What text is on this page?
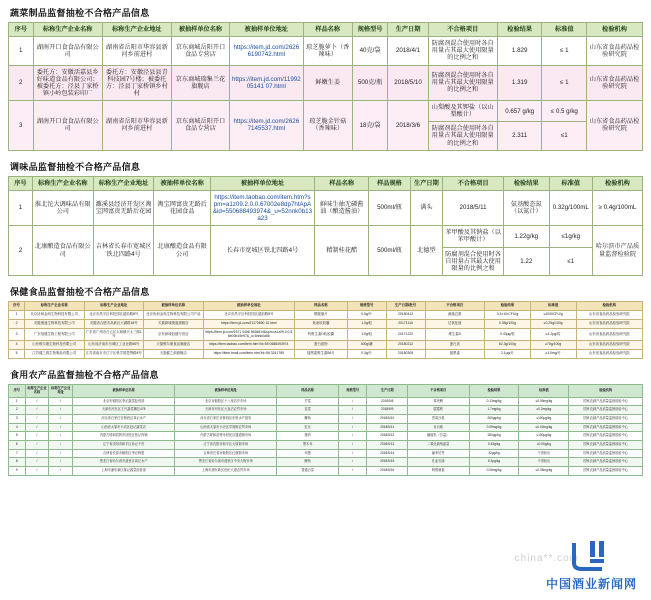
蔬菜制品监督抽检不合格产品信息
序号	标称生产企业名称	标称生产企业地址	被抽样单位名称	被抽样单位地址	样品名称	规格型号	生产日期	不合格项目	检验结果	标准值	检验机构
1	湖南开口食食品有限公司	湖南省岳阳市华容县新河乡前进村	京东商城岳阳开口食品专营店	https://item.jd.com/26266190742.html	琼芝脆萝卜（香辣味）	40克/袋	2018/4/1	防腐剂混合使用时各自用量占其最大使用限量的比例之和	1.829	≤ 1	山东省食品药品检验研究院
2	委托方：安徽活嘉县乡好味道食品有限公司；被委托方：泾县丁家桥镇小岭包装彩印厂	委托方：安徽泾县县青科技园7号楼；被委托方：泾县丁家桥镇乡村村	京东商城瑞集兰花旗舰店	https://item.jd.com/1199205141 07.html	鲜嫩生姜	500克/瓶	2018/5/10	防腐剂混合使用时各自用量占其最大使用限量的比例之和	1.319	≤ 1	山东省食品药品检验研究院
3	湖南开口食食品有限公司	湖南省岳阳市华容县新河乡前进村	京东商城岳阳开口食品专营店	https://item.jd.com/26267145537.html	琼芝脆金针菇（香辣味）	18克/袋	2018/3/6	山梨酸及其钾盐（以山梨酸计）	0.657 g/kg	≤ 0.5 g/kg	山东省食品药品检验研究院
								防腐剂混合使用时各自用量占其最大使用限量的比例之和	2.311	≤1	
调味品监督抽检不合格产品信息
序号	标称生产企业名称	标称生产企业地址	被抽样单位名称	被抽样单位地址	样品名称	样品规格	生产日期	不合格项目	检验结果	标准值	检验机构
1	淮北沱大调味品有限公司	濉溪县经济开发区淘宝网富贵无路后花园	淘宝网富贵无路后花园食品	https://item.taobao.com/item.htm?spm=a1z09.2.0.0.67002e8dp7htApA&id=550688493974&_u=52nnk0b13a23	鲜味生抽无磷酱油（酿造酱油）	500ml/瓶	满头	2018/5/11	氨基酸态氮（以氮计）	0.32g/100mL	≥ 0.4g/100mL
2	北康酿造食品有限公司	吉林省长春市宽城区铁北四路4号	北康酿造食品有限公司	长春市宽城区铁北四路4号	精制桂花醋	500ml/瓶	北德型	苯甲酸及其钠盐（以苯甲酸计）	1.22g/kg	≤1g/kg	哈尔滨市产品质量监督检验院
								防腐剂混合使用时各自用量占其最大使用限量的比例之和	1.22	≤1	
保健食品监督抽检不合格产品信息
序号	标称生产企业名称	标称生产企业地址	被抽样单位名称	被抽样单位地址	样品名称	规格型号	生产日期/批号	不合格项目	检验结果	标准值	检验机构
1	北京协和金尚生物科技有限公司	北京市昌平区科技园区超前路8号	北京协和金尚生物科技有限公司产品	北京市昌平区科技园区超前路8号	螺旋藻片	0.5g/片	20180412	菌落总数	3.3×10³CFU/g	≤1000CFU/g	山东省食品药品检验研究院
2	安徽康盛生物科技有限公司	安徽省合肥市高新区天湖路18号	天猫商城康盛旗舰店	https://item.jd.com/21170690 10.html	鱼油软胶囊	1.0g/粒	20171116	过氧化值	0.35g/100g	≤0.25g/100g	山东省食品药品检验研究院
3	广东佰健生物工程有限公司	广东省广州市白云区太和镇兴太三路1号	京东商城佰健专营店	https://item.jd.com/1671 0456 5636814&spm=a1z09.0.0.5 6b00b19e97&_u=5nnk0a5b	钙维生素D软胶囊	1.0g/粒	20171222	维生素D	0.43μg/粒	≥1.2μg/粒	山东省食品药品检验研究院
4	山东维尔康生物科技有限公司	山东省济南市历城区工业北路66号	天猫维尔康食品旗舰店	https://item.taobao.com/item.htm?id=55 0688493974	蛋白质粉	400g/罐	20180212	蛋白质	62.3g/100g	≥70g/100g	山东省食品药品检验研究院
5	江苏健之源生物制品有限公司	江苏省南京市江宁区科学园思贤路8号	天猫健之源旗舰店	https://item.tmall.com/item.htm?id=56 3241789	褪黑素维生素B6片	0.3g/片	20180305	褪黑素	2.1μg/片	≥1.0mg/片	山东省食品药品检验研究院
食用农产品监督抽检不合格产品信息
序号	标称生产企业名称	标称生产企业地址	被抽样单位名称	被抽样单位地址	样品名称	规格型号	生产日期	不合格项目	检验结果	标准值	检验机构
1	/	/	北京市朝阳区李记蔬菜经营部	北京市朝阳区十八里店乡市场	芹菜	/	2018/5/8	毒死蜱	0.13mg/kg	≤0.05mg/kg	国家农副产品质量监督检验中心
2	/	/	天津市河东区王氏蔬菜摊位478	天津市河东区大直沽农贸市场	韭菜	/	2018/5/9	腐霉利	1.7mg/kg	≤0.2mg/kg	国家农副产品质量监督检验中心
3	/	/	河北省石家庄市桥西区刘记水产	河北省石家庄市桥西区东里水产批发	鲫鱼	/	2018/5/10	恩诺沙星	260μg/kg	≤100μg/kg	国家农副产品质量监督检验中心
4	/	/	山西省太原市小店区赵记蔬菜店	山西省太原市小店区学府街农贸市场	豇豆	/	2018/5/11	克百威	0.09mg/kg	≤0.02mg/kg	国家农副产品质量监督检验中心
5	/	/	内蒙古呼和浩特市回民区张记肉铺	内蒙古呼和浩特市回民区通道街市场	猪肉	/	2018/5/12	磺胺类（总量）	180μg/kg	≤100μg/kg	国家农副产品质量监督检验中心
6	/	/	辽宁省沈阳市和平区孙记干货	辽宁省沈阳市和平区太原街市场	黑木耳	/	2018/5/13	二氧化硫残留量	0.45g/kg	≤0.05g/kg	国家农副产品质量监督检验中心
7	/	/	吉林省长春市朝阳区李记鲜蛋	吉林省长春市朝阳区红旗街市场	鸡蛋	/	2018/5/14	氟苯尼考	32μg/kg	不得检出	国家农副产品质量监督检验中心
8	/	/	黑龙江省哈尔滨市道里区周记水产	黑龙江省哈尔滨市道里区中央大街市场	鲤鱼	/	2018/5/15	孔雀石绿	5.2μg/kg	不得检出	国家农副产品质量监督检验中心
9	/	/	上海市浦东新区陈记蔬菜经营部	上海市浦东新区世纪大道农贸市场	普通白菜	/	2018/5/16	阿维菌素	0.06mg/kg	≤0.05mg/kg	国家农副产品质量监督检验中心
china**.com
中国酒业新闻网
